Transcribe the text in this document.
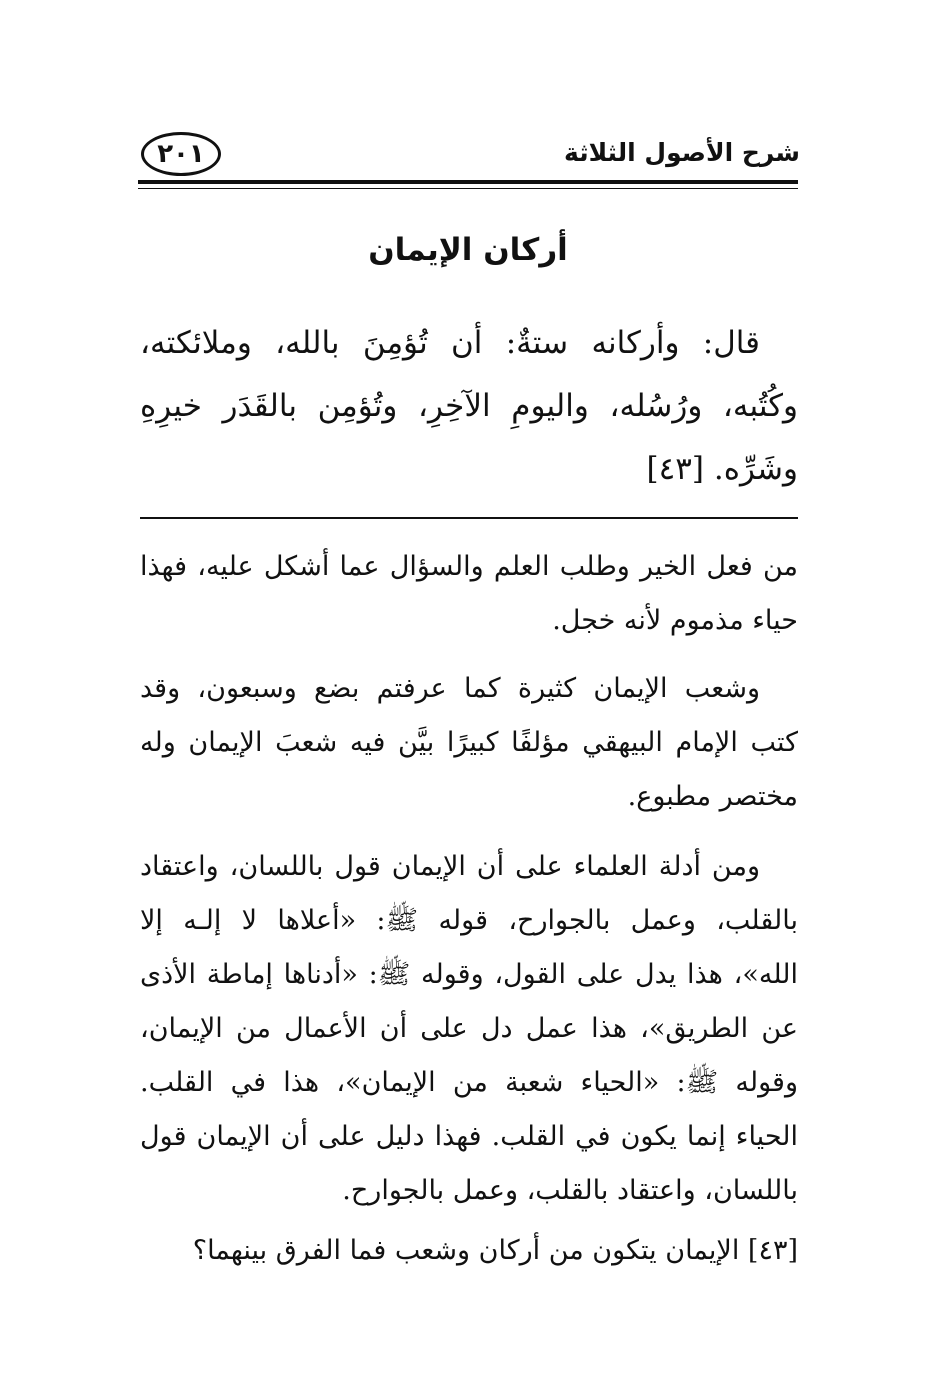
شرح الأصول الثلاثة
٢٠١
أركان الإيمان
قال: وأركانه ستةٌ: أن تُؤمِنَ بالله، وملائكته،
وكُتُبه، ورُسُله، واليومِ الآخِرِ، وتُؤمِن بالقَدَر خيرِهِ
وشَرِّه. [٤٣]
من فعل الخير وطلب العلم والسؤال عما أشكل عليه، فهذا
حياء مذموم لأنه خجل.
وشعب الإيمان كثيرة كما عرفتم بضع وسبعون، وقد
كتب الإمام البيهقي مؤلفًا كبيرًا بيَّن فيه شعبَ الإيمان وله
مختصر مطبوع.
ومن أدلة العلماء على أن الإيمان قول باللسان، واعتقاد
بالقلب، وعمل بالجوارح، قوله ﷺ: «أعلاها لا إلـه إلا
الله»، هذا يدل على القول، وقوله ﷺ: «أدناها إماطة الأذى
عن الطريق»، هذا عمل دل على أن الأعمال من الإيمان،
وقوله ﷺ: «الحياء شعبة من الإيمان»، هذا في القلب.
الحياء إنما يكون في القلب. فهذا دليل على أن الإيمان قول
باللسان، واعتقاد بالقلب، وعمل بالجوارح.
[٤٣] الإيمان يتكون من أركان وشعب فما الفرق بينهما؟
